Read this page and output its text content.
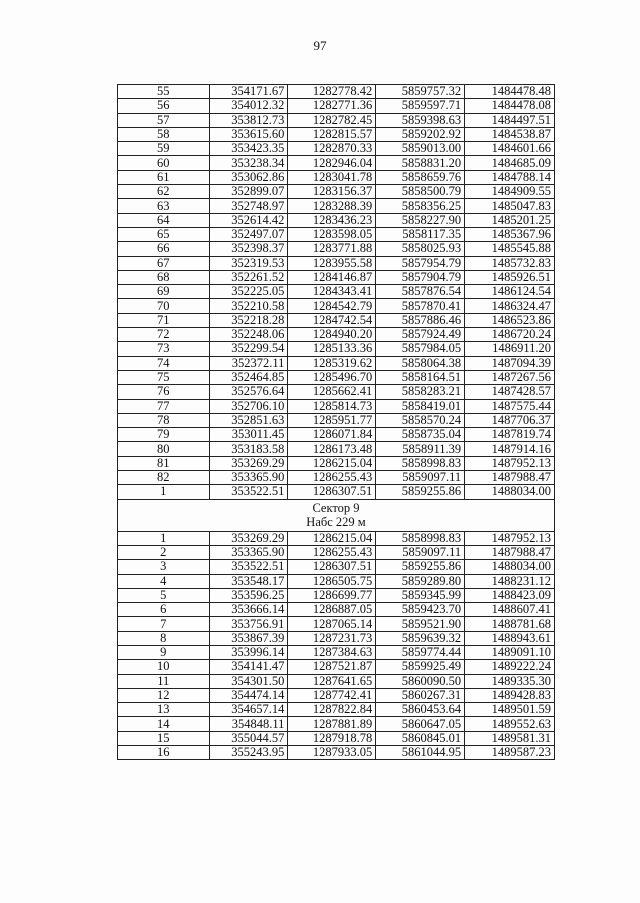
97
55	354171.67	1282778.42	5859757.32	1484478.48
56	354012.32	1282771.36	5859597.71	1484478.08
57	353812.73	1282782.45	5859398.63	1484497.51
58	353615.60	1282815.57	5859202.92	1484538.87
59	353423.35	1282870.33	5859013.00	1484601.66
60	353238.34	1282946.04	5858831.20	1484685.09
61	353062.86	1283041.78	5858659.76	1484788.14
62	352899.07	1283156.37	5858500.79	1484909.55
63	352748.97	1283288.39	5858356.25	1485047.83
64	352614.42	1283436.23	5858227.90	1485201.25
65	352497.07	1283598.05	5858117.35	1485367.96
66	352398.37	1283771.88	5858025.93	1485545.88
67	352319.53	1283955.58	5857954.79	1485732.83
68	352261.52	1284146.87	5857904.79	1485926.51
69	352225.05	1284343.41	5857876.54	1486124.54
70	352210.58	1284542.79	5857870.41	1486324.47
71	352218.28	1284742.54	5857886.46	1486523.86
72	352248.06	1284940.20	5857924.49	1486720.24
73	352299.54	1285133.36	5857984.05	1486911.20
74	352372.11	1285319.62	5858064.38	1487094.39
75	352464.85	1285496.70	5858164.51	1487267.56
76	352576.64	1285662.41	5858283.21	1487428.57
77	352706.10	1285814.73	5858419.01	1487575.44
78	352851.63	1285951.77	5858570.24	1487706.37
79	353011.45	1286071.84	5858735.04	1487819.74
80	353183.58	1286173.48	5858911.39	1487914.16
81	353269.29	1286215.04	5858998.83	1487952.13
82	353365.90	1286255.43	5859097.11	1487988.47
1	353522.51	1286307.51	5859255.86	1488034.00

Сектор 9
Набс 229 м				

1	353269.29	1286215.04	5858998.83	1487952.13
2	353365.90	1286255.43	5859097.11	1487988.47
3	353522.51	1286307.51	5859255.86	1488034.00
4	353548.17	1286505.75	5859289.80	1488231.12
5	353596.25	1286699.77	5859345.99	1488423.09
6	353666.14	1286887.05	5859423.70	1488607.41
7	353756.91	1287065.14	5859521.90	1488781.68
8	353867.39	1287231.73	5859639.32	1488943.61
9	353996.14	1287384.63	5859774.44	1489091.10
10	354141.47	1287521.87	5859925.49	1489222.24
11	354301.50	1287641.65	5860090.50	1489335.30
12	354474.14	1287742.41	5860267.31	1489428.83
13	354657.14	1287822.84	5860453.64	1489501.59
14	354848.11	1287881.89	5860647.05	1489552.63
15	355044.57	1287918.78	5860845.01	1489581.31
16	355243.95	1287933.05	5861044.95	1489587.23
